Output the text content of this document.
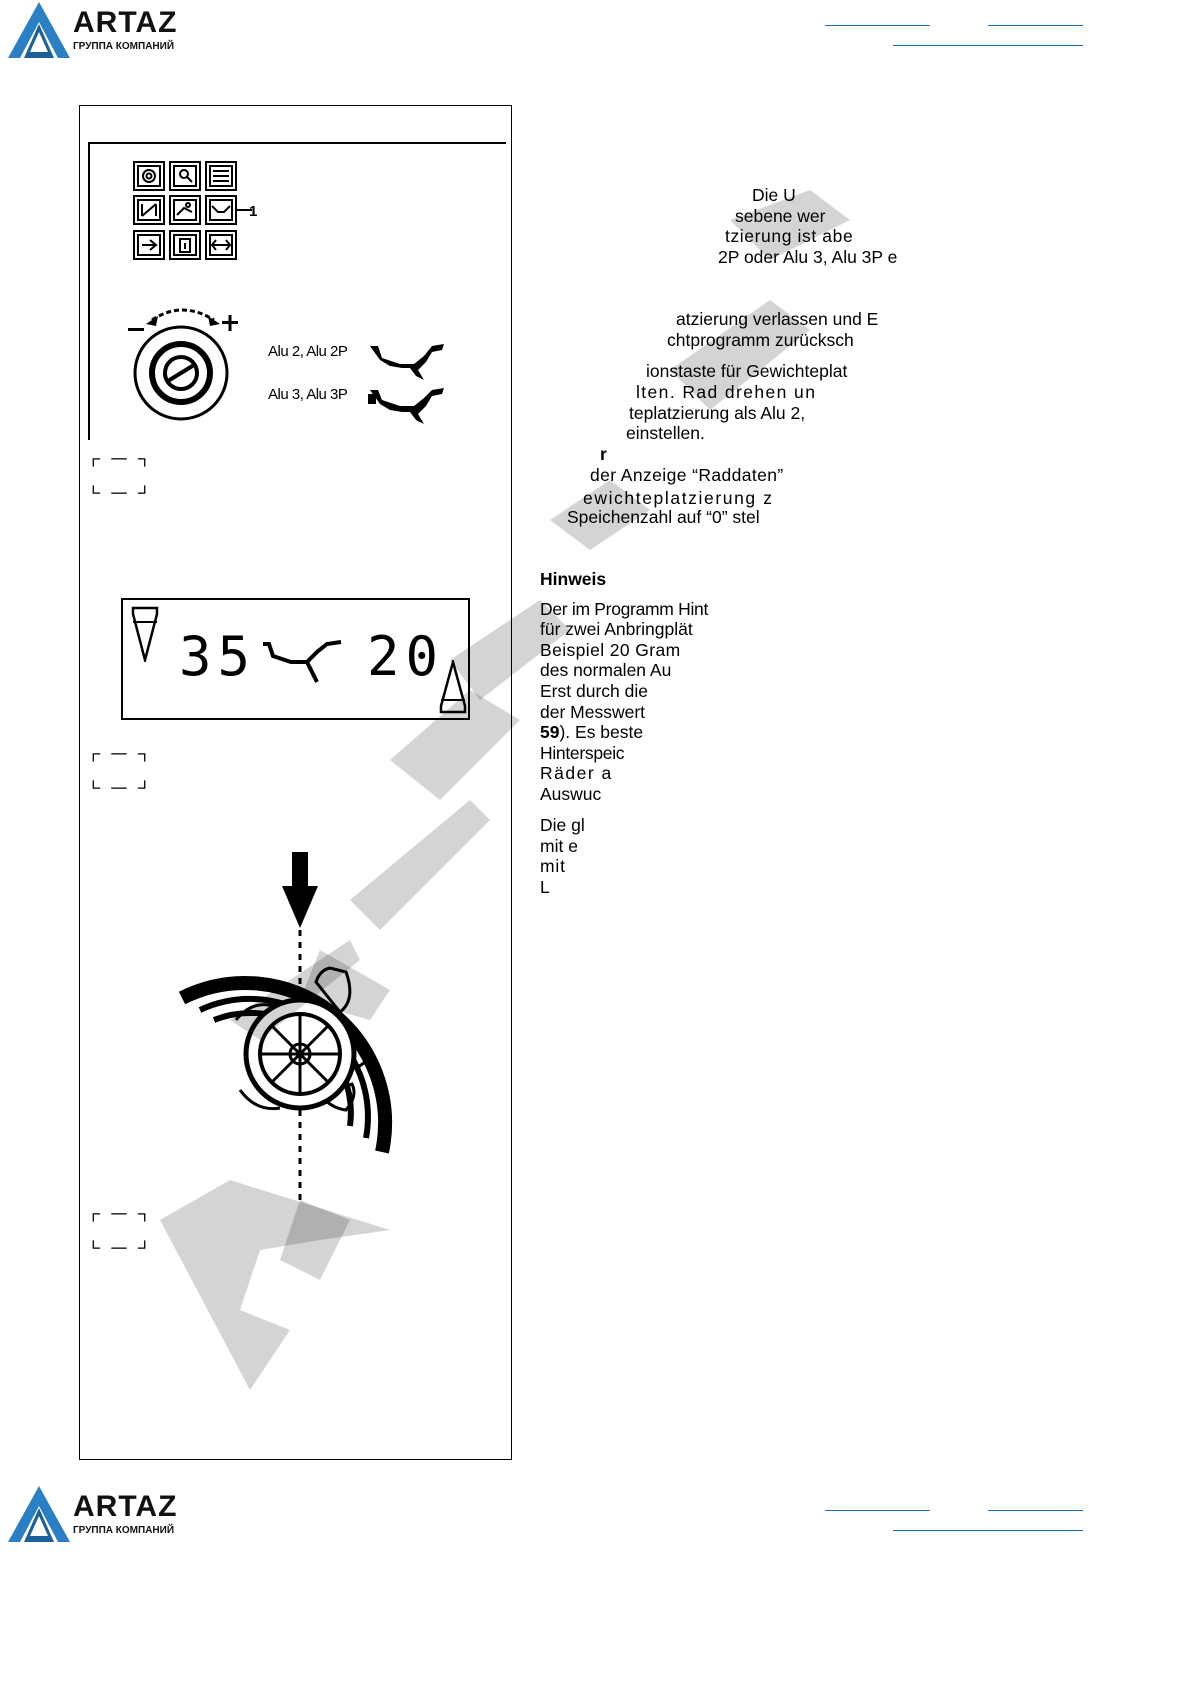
ARTAZ
ГРУППА КОМПАНИЙ
1
Alu 2, Alu 2P
Alu 3, Alu 3P
35 20
Die U
sebene wer
tzierung ist abe
2P oder Alu 3, Alu 3P e
atzierung verlassen und E
chtprogramm zurücksch
ionstaste für Gewichteplat
lten. Rad drehen un
teplatzierung als Alu 2,
einstellen.
r
der Anzeige “Raddaten”
ewichteplatzierung z
Speichenzahl auf “0” stel
Hinweis
Der im Programm Hint
für zwei Anbringplät
Beispiel 20 Gram
des normalen Au
Erst durch die
der Messwert
59). Es beste
Hinterspeic
Räder a
Auswuc
Die gl
mit e
mit
L
ARTAZ
ГРУППА КОМПАНИЙ
